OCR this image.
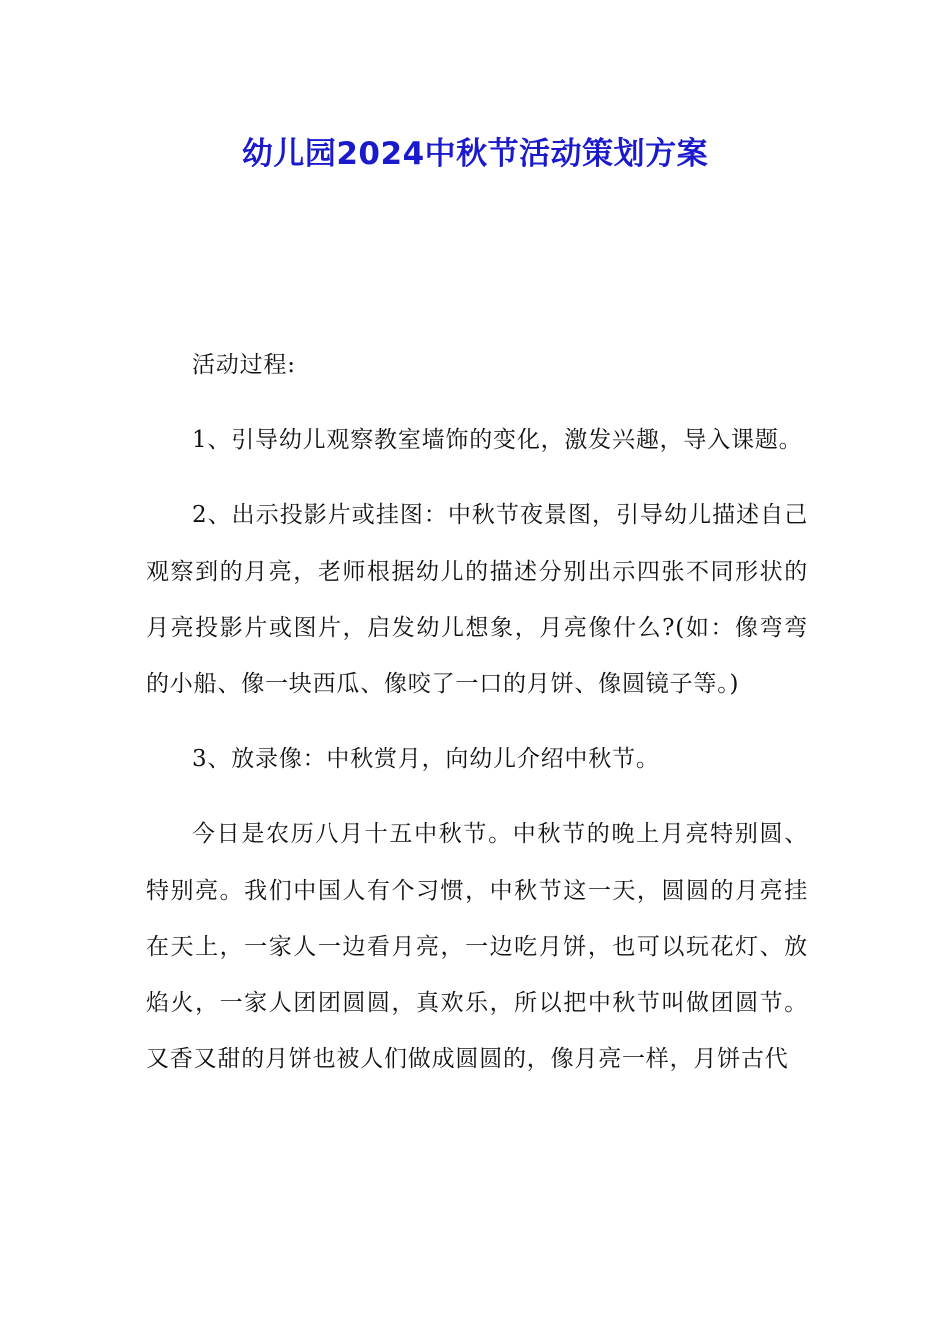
幼儿园2024中秋节活动策划方案

活动过程:

1、引导幼儿观察教室墙饰的变化，激发兴趣，导入课题。

2、出示投影片或挂图：中秋节夜景图，引导幼儿描述自己观察到的月亮，老师根据幼儿的描述分别出示四张不同形状的月亮投影片或图片，启发幼儿想象，月亮像什么?(如：像弯弯的小船、像一块西瓜、像咬了一口的月饼、像圆镜子等。)

3、放录像：中秋赏月，向幼儿介绍中秋节。

今日是农历八月十五中秋节。中秋节的晚上月亮特别圆、特别亮。我们中国人有个习惯，中秋节这一天，圆圆的月亮挂在天上，一家人一边看月亮，一边吃月饼，也可以玩花灯、放焰火，一家人团团圆圆，真欢乐，所以把中秋节叫做团圆节。又香又甜的月饼也被人们做成圆圆的，像月亮一样，月饼古代
